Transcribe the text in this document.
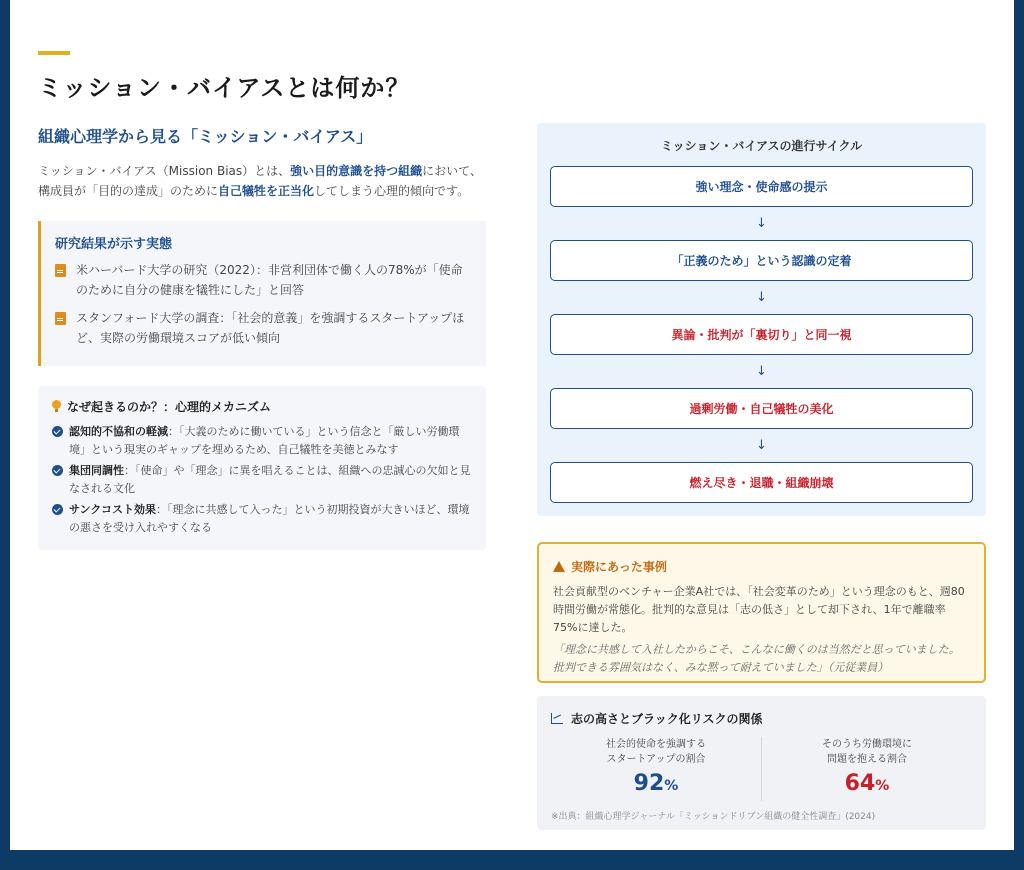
ミッション・バイアスとは何か？
組織心理学から見る「ミッション・バイアス」

ミッション・バイアス（Mission Bias）とは、強い目的意識を持つ組織において、構成員が「目的の達成」のために自己犠牲を正当化してしまう心理的傾向です。

研究結果が示す実態
米ハーバード大学の研究（2022）：非営利団体で働く人の78%が「使命のために自分の健康を犠牲にした」と回答
スタンフォード大学の調査：「社会的意義」を強調するスタートアップほど、実際の労働環境スコアが低い傾向
なぜ起きるのか？：心理的メカニズム
認知的不協和の軽減：「大義のために働いている」という信念と「厳しい労働環境」という現実のギャップを埋めるため、自己犠牲を美徳とみなす
集団同調性：「使命」や「理念」に異を唱えることは、組織への忠誠心の欠如と見なされる文化
サンクコスト効果：「理念に共感して入った」という初期投資が大きいほど、環境の悪さを受け入れやすくなる
ミッション・バイアスの進行サイクル
強い理念・使命感の提示
↓
「正義のため」という認識の定着
↓
異論・批判が「裏切り」と同一視
↓
過剰労働・自己犠牲の美化
↓
燃え尽き・退職・組織崩壊
実際にあった事例

社会貢献型のベンチャー企業A社では、「社会変革のため」という理念のもと、週80時間労働が常態化。批判的な意見は「志の低さ」として却下され、1年で離職率75%に達した。

「理念に共感して入社したからこそ、こんなに働くのは当然だと思っていました。批判できる雰囲気はなく、みな黙って耐えていました」（元従業員）

志の高さとブラック化リスクの関係
社会的使命を強調する
スタートアップの割合
92%
そのうち労働環境に
問題を抱える割合
64%

※出典：組織心理学ジャーナル「ミッションドリブン組織の健全性調査」(2024)
